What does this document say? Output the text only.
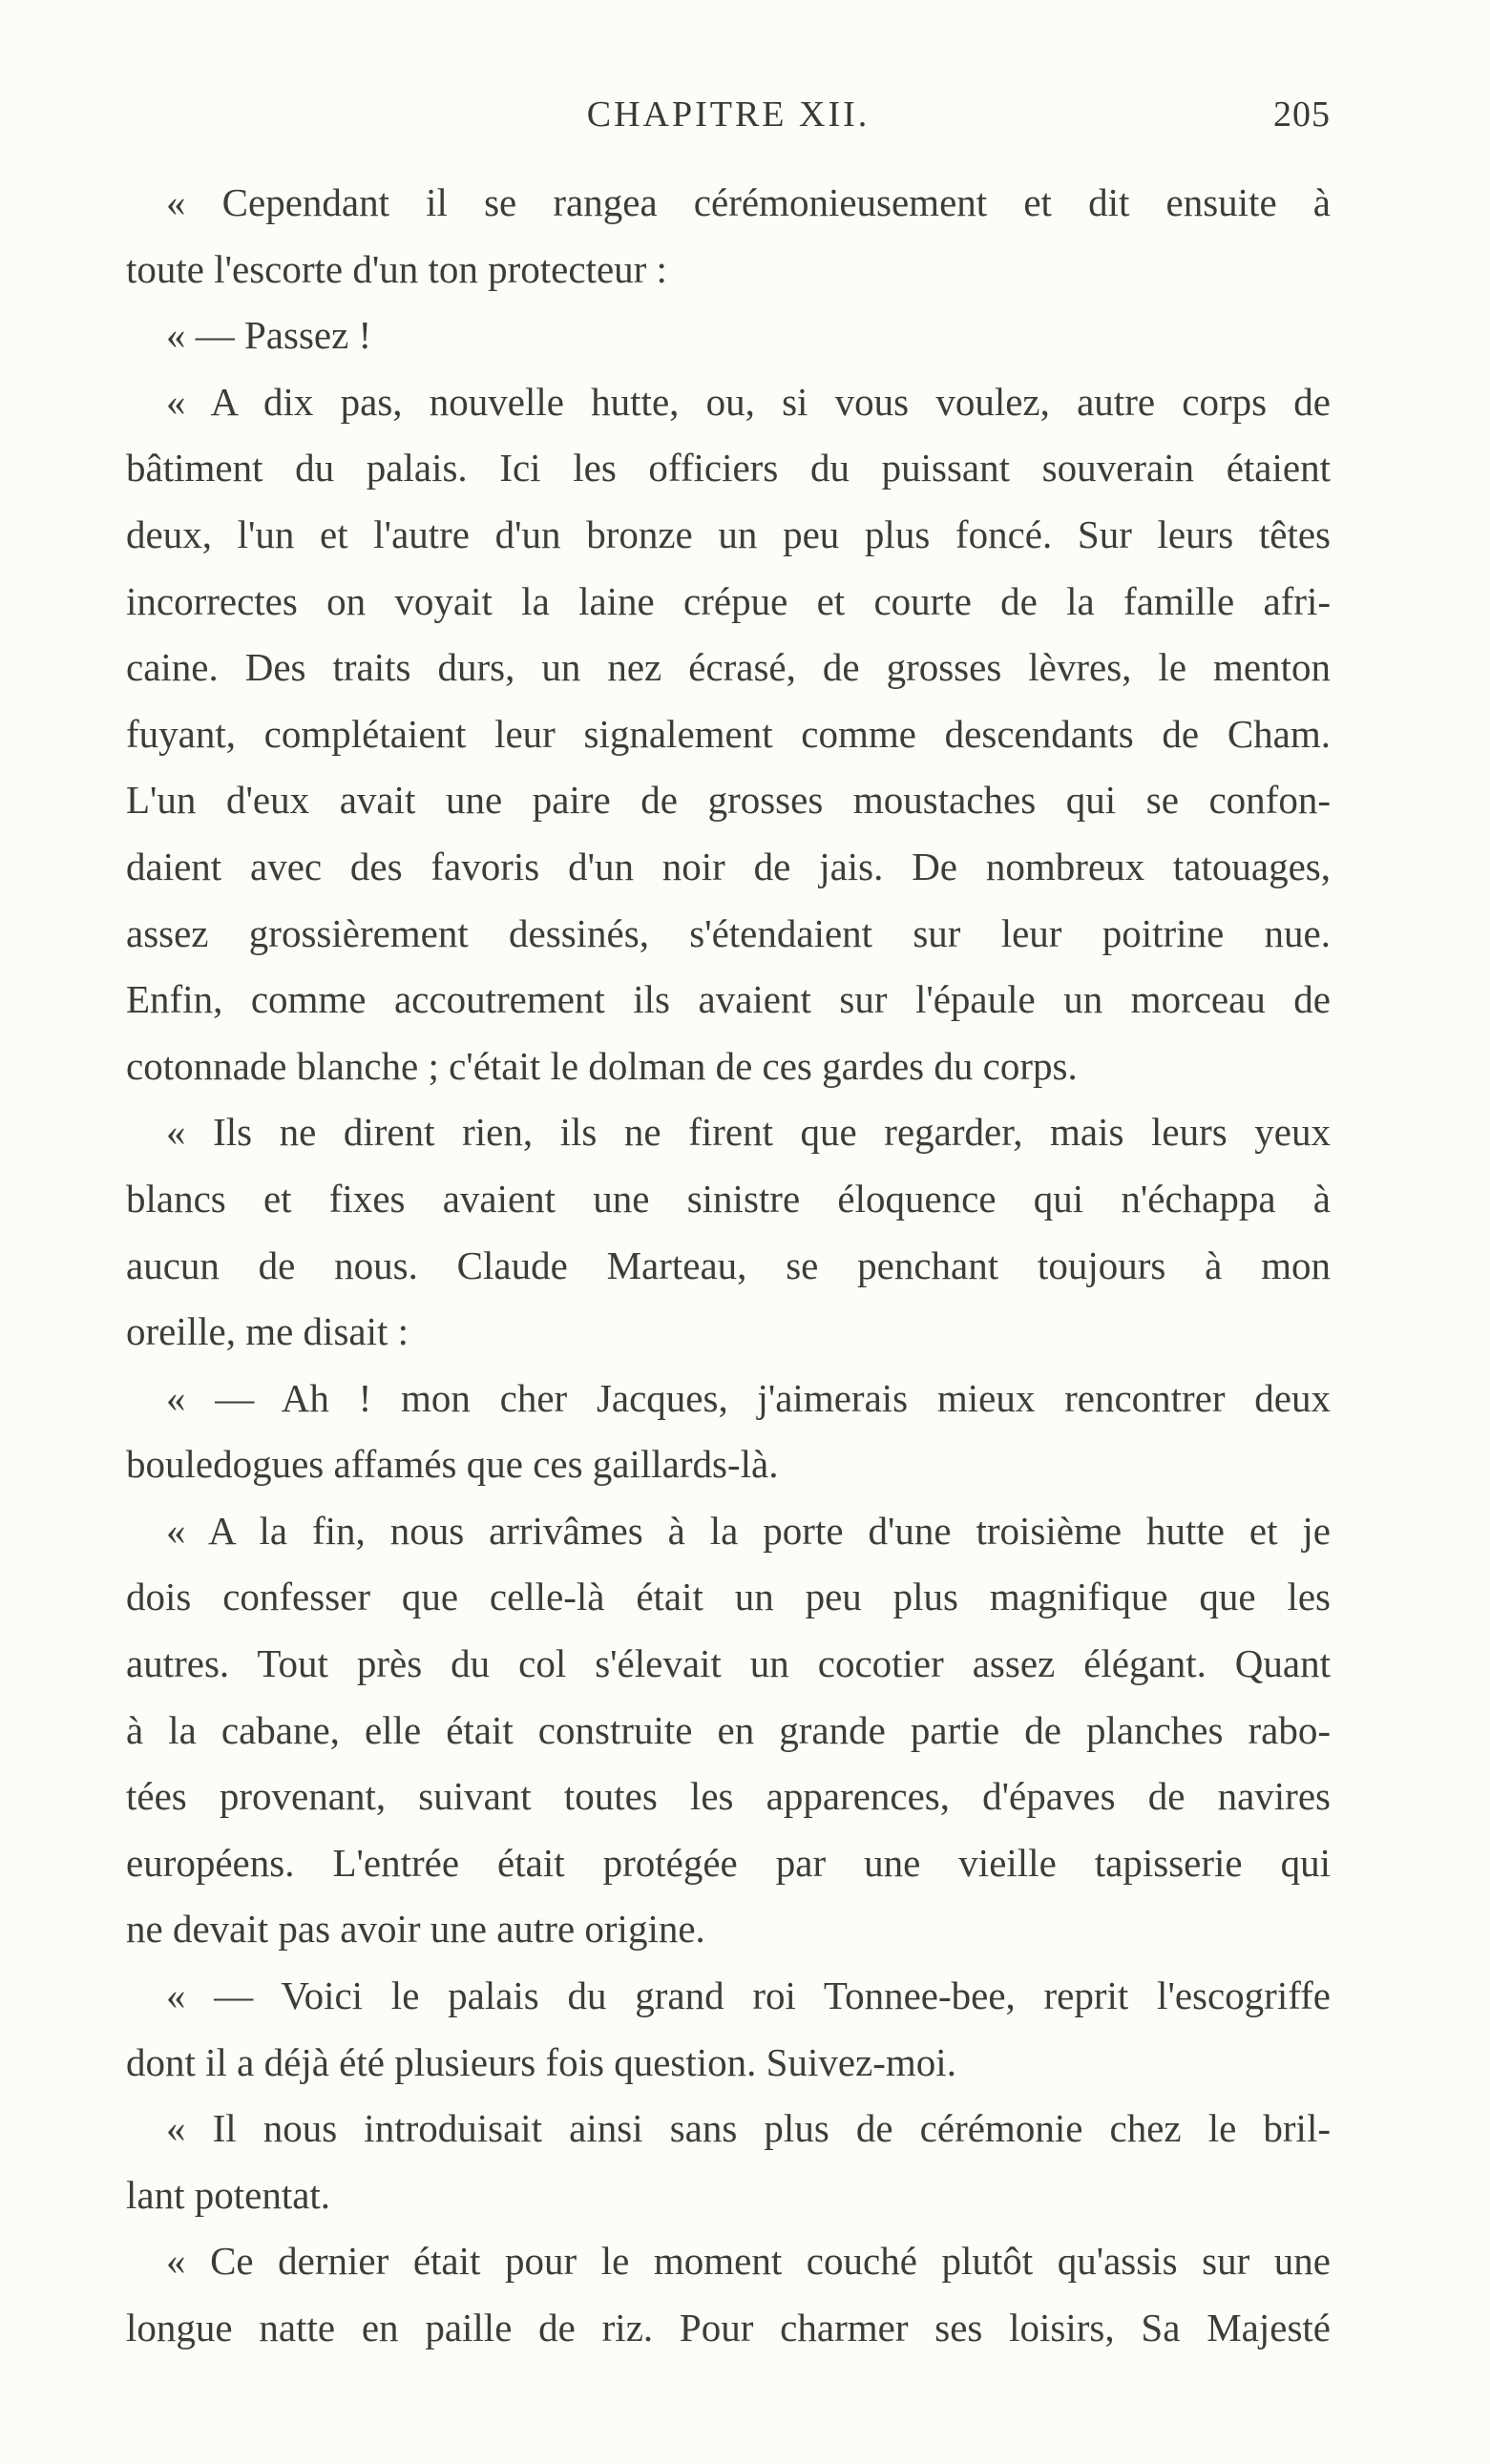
CHAPITRE XII.	205
« Cependant il se rangea cérémonieusement et dit ensuite à
toute l'escorte d'un ton protecteur :
« — Passez !
« A dix pas, nouvelle hutte, ou, si vous voulez, autre corps de
bâtiment du palais. Ici les officiers du puissant souverain étaient
deux, l'un et l'autre d'un bronze un peu plus foncé. Sur leurs têtes
incorrectes on voyait la laine crépue et courte de la famille afri-
caine. Des traits durs, un nez écrasé, de grosses lèvres, le menton
fuyant, complétaient leur signalement comme descendants de Cham.
L'un d'eux avait une paire de grosses moustaches qui se confon-
daient avec des favoris d'un noir de jais. De nombreux tatouages,
assez grossièrement dessinés, s'étendaient sur leur poitrine nue.
Enfin, comme accoutrement ils avaient sur l'épaule un morceau de
cotonnade blanche ; c'était le dolman de ces gardes du corps.
« Ils ne dirent rien, ils ne firent que regarder, mais leurs yeux
blancs et fixes avaient une sinistre éloquence qui n'échappa à
aucun de nous. Claude Marteau, se penchant toujours à mon
oreille, me disait :
« — Ah ! mon cher Jacques, j'aimerais mieux rencontrer deux
bouledogues affamés que ces gaillards-là.
« A la fin, nous arrivâmes à la porte d'une troisième hutte et je
dois confesser que celle-là était un peu plus magnifique que les
autres. Tout près du col s'élevait un cocotier assez élégant. Quant
à la cabane, elle était construite en grande partie de planches rabo-
tées provenant, suivant toutes les apparences, d'épaves de navires
européens. L'entrée était protégée par une vieille tapisserie qui
ne devait pas avoir une autre origine.
« — Voici le palais du grand roi Tonnee-bee, reprit l'escogriffe
dont il a déjà été plusieurs fois question. Suivez-moi.
« Il nous introduisait ainsi sans plus de cérémonie chez le bril-
lant potentat.
« Ce dernier était pour le moment couché plutôt qu'assis sur une
longue natte en paille de riz. Pour charmer ses loisirs, Sa Majesté
